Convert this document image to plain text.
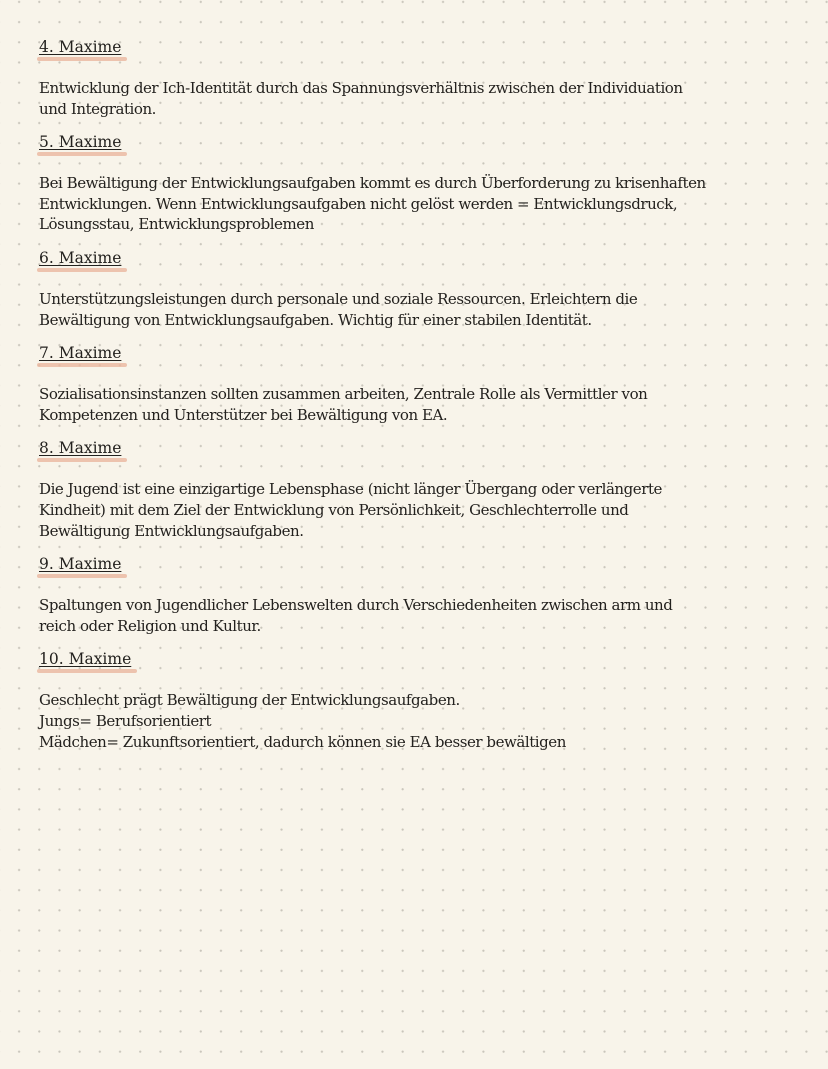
4. Maxime

Entwicklung der Ich-Identität durch das Spannungsverhältnis zwischen der Individuation
und Integration.

5. Maxime

Bei Bewältigung der Entwicklungsaufgaben kommt es durch Überforderung zu krisenhaften
Entwicklungen. Wenn Entwicklungsaufgaben nicht gelöst werden = Entwicklungsdruck,
Lösungsstau, Entwicklungsproblemen

6. Maxime

Unterstützungsleistungen durch personale und soziale Ressourcen. Erleichtern die
Bewältigung von Entwicklungsaufgaben. Wichtig für einer stabilen Identität.

7. Maxime

Sozialisationsinstanzen sollten zusammen arbeiten, Zentrale Rolle als Vermittler von
Kompetenzen und Unterstützer bei Bewältigung von EA.

8. Maxime

Die Jugend ist eine einzigartige Lebensphase (nicht länger Übergang oder verlängerte
Kindheit) mit dem Ziel der Entwicklung von Persönlichkeit, Geschlechterrolle und
Bewältigung Entwicklungsaufgaben.

9. Maxime

Spaltungen von Jugendlicher Lebenswelten durch Verschiedenheiten zwischen arm und
reich oder Religion und Kultur.

10. Maxime

Geschlecht prägt Bewältigung der Entwicklungsaufgaben.
Jungs= Berufsorientiert
Mädchen= Zukunftsorientiert, dadurch können sie EA besser bewältigen
